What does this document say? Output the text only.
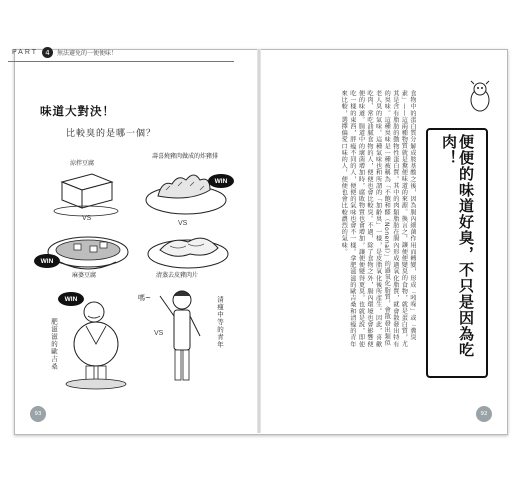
PART	4	無法避免的一便便味！
味道大對決！
比較臭的是哪一個？
涼拌豆腐
壽喜燒豬肉做成的炸豬排
WIN
VS
VS
WIN
麻婆豆腐	清蒸去皮豬肉片
WIN	嗎~
VS
肥滋滋的歐吉桑	清瘦中等的青年
93
便便的味道好臭，不只是因為吃肉！
食物中的蛋白質分解成胺基酸之後，因為腸內細菌作用而轉變，形成「吲哚」或「糞臭素」——這兩種物質就是糞便味道的來源。換言之，讓便便變臭的食物，就是蛋白質，尤其是含有脂肪的動物性蛋白質。其中的肉類脂肪在腸內形成過氧化脂質，就會散發出特有的臭味。這種臭味是一種被稱為「不飽和醛（Nonenal）」的過氧化脂質，會散發出類似老人臭的氣味。這種氣味也和所謂的「加齡臭」一樣，是皮脂氧化後所產生。因此，喜歡吃肉、常吃油膩食物的人，便便也會比較臭。不過，除了食物之外，腸內環境也會影響便便的味道。腸道中的壞菌增加時，腐敗物質也會增加，讓便便變得更臭。也就是說，即使吃一樣的東西，胖瘦不同的人，便便的氣味也會不一樣。拿肥滋滋的歐吉桑和清瘦的青年來比較，選擇偏愛口味的人，便便也會比較濃烈的氣味。
92
